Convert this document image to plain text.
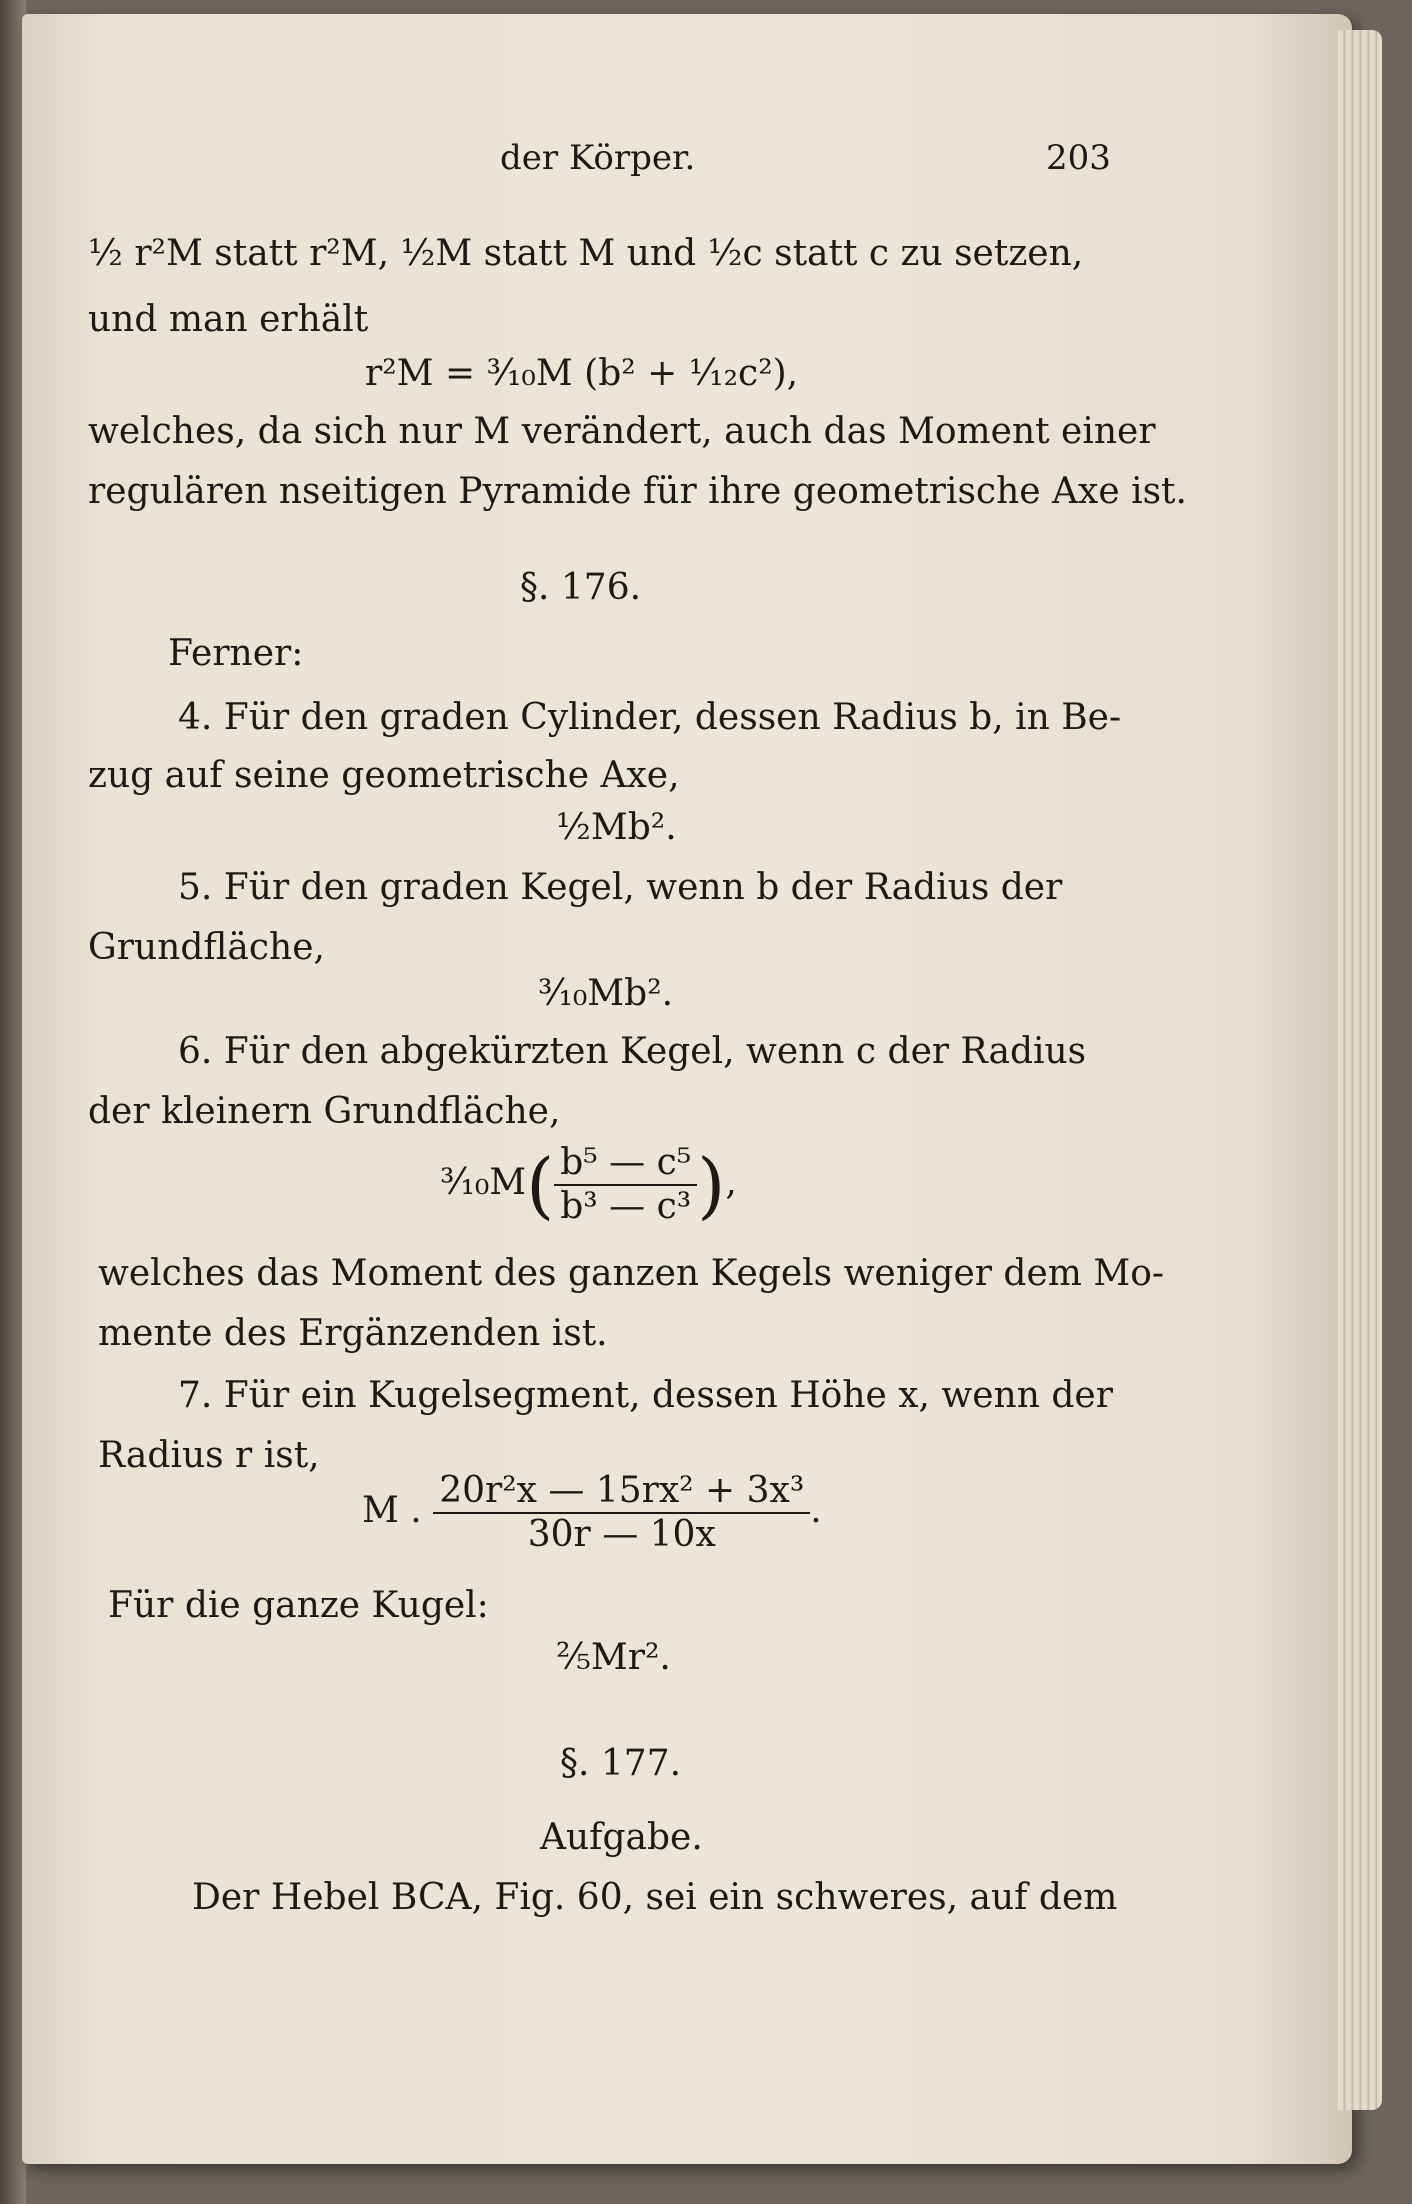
der Körper.	203
½ r²M statt r²M, ½M statt M und ½c statt c zu setzen,
und man erhält
r²M = ³⁄₁₀M (b² + ¹⁄₁₂c²),
welches, da sich nur M verändert, auch das Moment einer
regulären nseitigen Pyramide für ihre geometrische Axe ist.
§. 176.
Ferner:
4. Für den graden Cylinder, dessen Radius b, in Be-
zug auf seine geometrische Axe,
½Mb².
5. Für den graden Kegel, wenn b der Radius der
Grundfläche,
³⁄₁₀Mb².
6. Für den abgekürzten Kegel, wenn c der Radius
der kleinern Grundfläche,
³⁄₁₀M( $\frac{\text{b⁵ — c⁵}}{\text{b³ — c³}}$ ),
welches das Moment des ganzen Kegels weniger dem Mo-
mente des Ergänzenden ist.
7. Für ein Kugelsegment, dessen Höhe x, wenn der
Radius r ist,
M . $\frac{\text{20r²x — 15rx² + 3x³}}{30r — 10x}$ .
Für die ganze Kugel:
⅖Mr².
§. 177.
Aufgabe.
Der Hebel BCA, Fig. 60, sei ein schweres, auf dem
